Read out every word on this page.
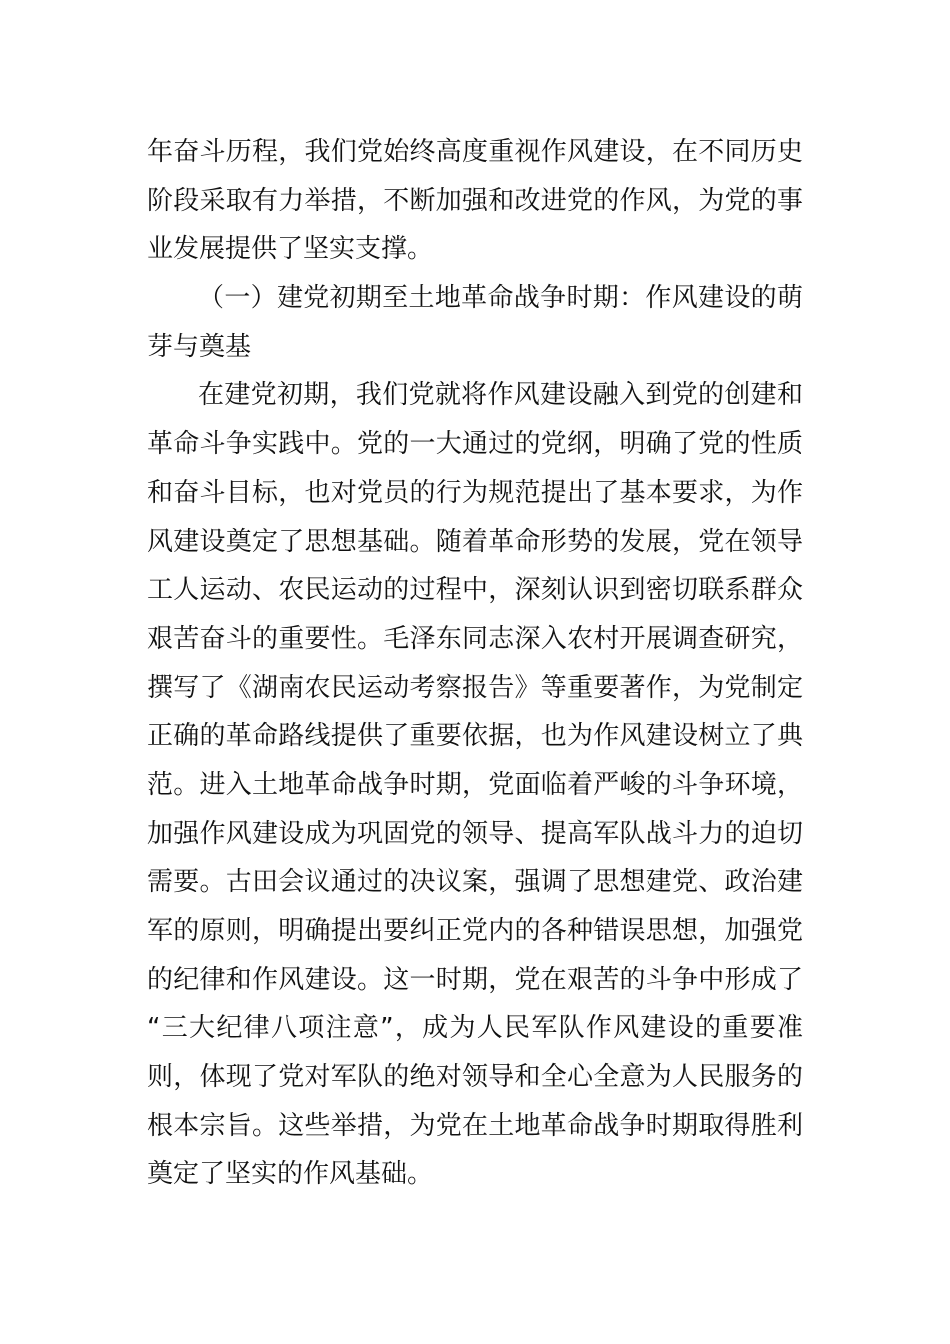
年奋斗历程，我们党始终高度重视作风建设，在不同历史
阶段采取有力举措，不断加强和改进党的作风，为党的事
业发展提供了坚实支撑。
（一）建党初期至土地革命战争时期：作风建设的萌
芽与奠基
在建党初期，我们党就将作风建设融入到党的创建和
革命斗争实践中。党的一大通过的党纲，明确了党的性质
和奋斗目标，也对党员的行为规范提出了基本要求，为作
风建设奠定了思想基础。随着革命形势的发展，党在领导
工人运动、农民运动的过程中，深刻认识到密切联系群众
艰苦奋斗的重要性。毛泽东同志深入农村开展调查研究，
撰写了《湖南农民运动考察报告》等重要著作，为党制定
正确的革命路线提供了重要依据，也为作风建设树立了典
范。进入土地革命战争时期，党面临着严峻的斗争环境，
加强作风建设成为巩固党的领导、提高军队战斗力的迫切
需要。古田会议通过的决议案，强调了思想建党、政治建
军的原则，明确提出要纠正党内的各种错误思想，加强党
的纪律和作风建设。这一时期，党在艰苦的斗争中形成了
“三大纪律八项注意”，成为人民军队作风建设的重要准
则，体现了党对军队的绝对领导和全心全意为人民服务的
根本宗旨。这些举措，为党在土地革命战争时期取得胜利
奠定了坚实的作风基础。
